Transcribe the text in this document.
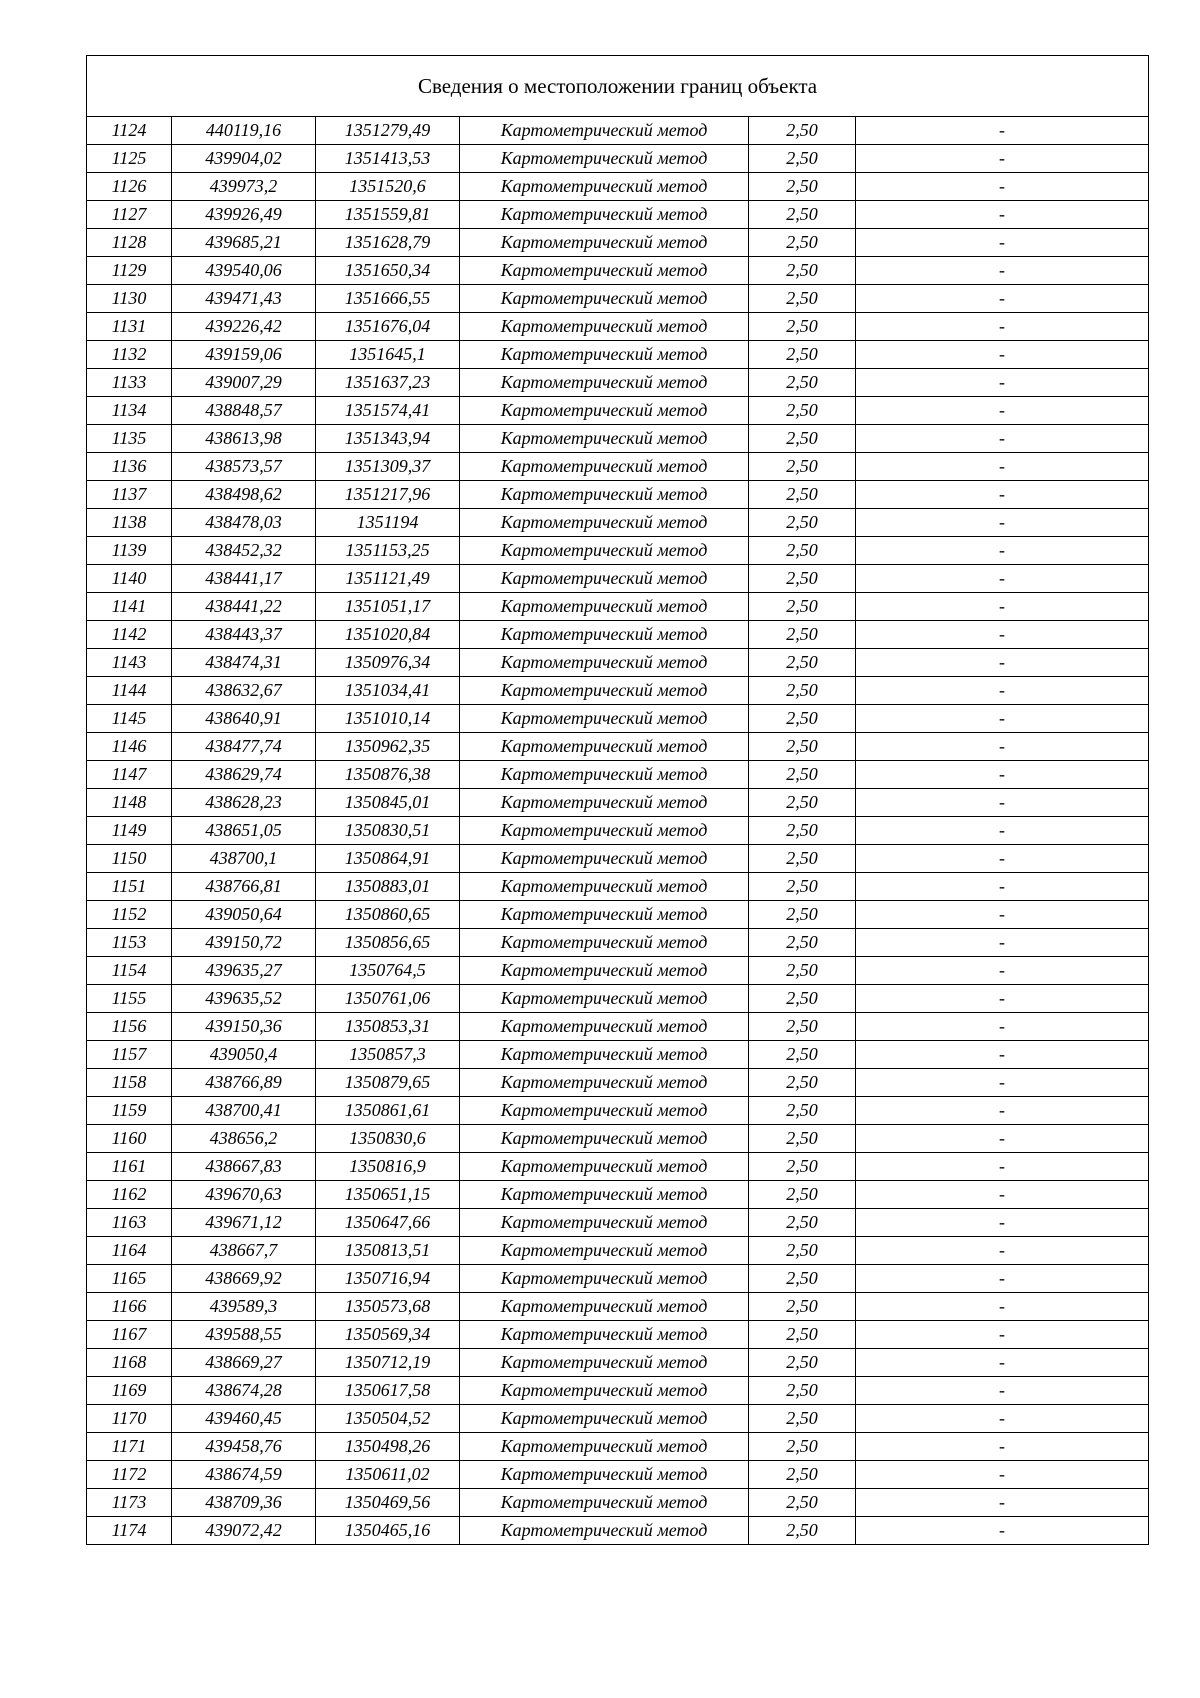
Сведения о местоположении границ объекта					
1124	440119,16	1351279,49	Картометрический метод	2,50	-
1125	439904,02	1351413,53	Картометрический метод	2,50	-
1126	439973,2	1351520,6	Картометрический метод	2,50	-
1127	439926,49	1351559,81	Картометрический метод	2,50	-
1128	439685,21	1351628,79	Картометрический метод	2,50	-
1129	439540,06	1351650,34	Картометрический метод	2,50	-
1130	439471,43	1351666,55	Картометрический метод	2,50	-
1131	439226,42	1351676,04	Картометрический метод	2,50	-
1132	439159,06	1351645,1	Картометрический метод	2,50	-
1133	439007,29	1351637,23	Картометрический метод	2,50	-
1134	438848,57	1351574,41	Картометрический метод	2,50	-
1135	438613,98	1351343,94	Картометрический метод	2,50	-
1136	438573,57	1351309,37	Картометрический метод	2,50	-
1137	438498,62	1351217,96	Картометрический метод	2,50	-
1138	438478,03	1351194	Картометрический метод	2,50	-
1139	438452,32	1351153,25	Картометрический метод	2,50	-
1140	438441,17	1351121,49	Картометрический метод	2,50	-
1141	438441,22	1351051,17	Картометрический метод	2,50	-
1142	438443,37	1351020,84	Картометрический метод	2,50	-
1143	438474,31	1350976,34	Картометрический метод	2,50	-
1144	438632,67	1351034,41	Картометрический метод	2,50	-
1145	438640,91	1351010,14	Картометрический метод	2,50	-
1146	438477,74	1350962,35	Картометрический метод	2,50	-
1147	438629,74	1350876,38	Картометрический метод	2,50	-
1148	438628,23	1350845,01	Картометрический метод	2,50	-
1149	438651,05	1350830,51	Картометрический метод	2,50	-
1150	438700,1	1350864,91	Картометрический метод	2,50	-
1151	438766,81	1350883,01	Картометрический метод	2,50	-
1152	439050,64	1350860,65	Картометрический метод	2,50	-
1153	439150,72	1350856,65	Картометрический метод	2,50	-
1154	439635,27	1350764,5	Картометрический метод	2,50	-
1155	439635,52	1350761,06	Картометрический метод	2,50	-
1156	439150,36	1350853,31	Картометрический метод	2,50	-
1157	439050,4	1350857,3	Картометрический метод	2,50	-
1158	438766,89	1350879,65	Картометрический метод	2,50	-
1159	438700,41	1350861,61	Картометрический метод	2,50	-
1160	438656,2	1350830,6	Картометрический метод	2,50	-
1161	438667,83	1350816,9	Картометрический метод	2,50	-
1162	439670,63	1350651,15	Картометрический метод	2,50	-
1163	439671,12	1350647,66	Картометрический метод	2,50	-
1164	438667,7	1350813,51	Картометрический метод	2,50	-
1165	438669,92	1350716,94	Картометрический метод	2,50	-
1166	439589,3	1350573,68	Картометрический метод	2,50	-
1167	439588,55	1350569,34	Картометрический метод	2,50	-
1168	438669,27	1350712,19	Картометрический метод	2,50	-
1169	438674,28	1350617,58	Картометрический метод	2,50	-
1170	439460,45	1350504,52	Картометрический метод	2,50	-
1171	439458,76	1350498,26	Картометрический метод	2,50	-
1172	438674,59	1350611,02	Картометрический метод	2,50	-
1173	438709,36	1350469,56	Картометрический метод	2,50	-
1174	439072,42	1350465,16	Картометрический метод	2,50	-
